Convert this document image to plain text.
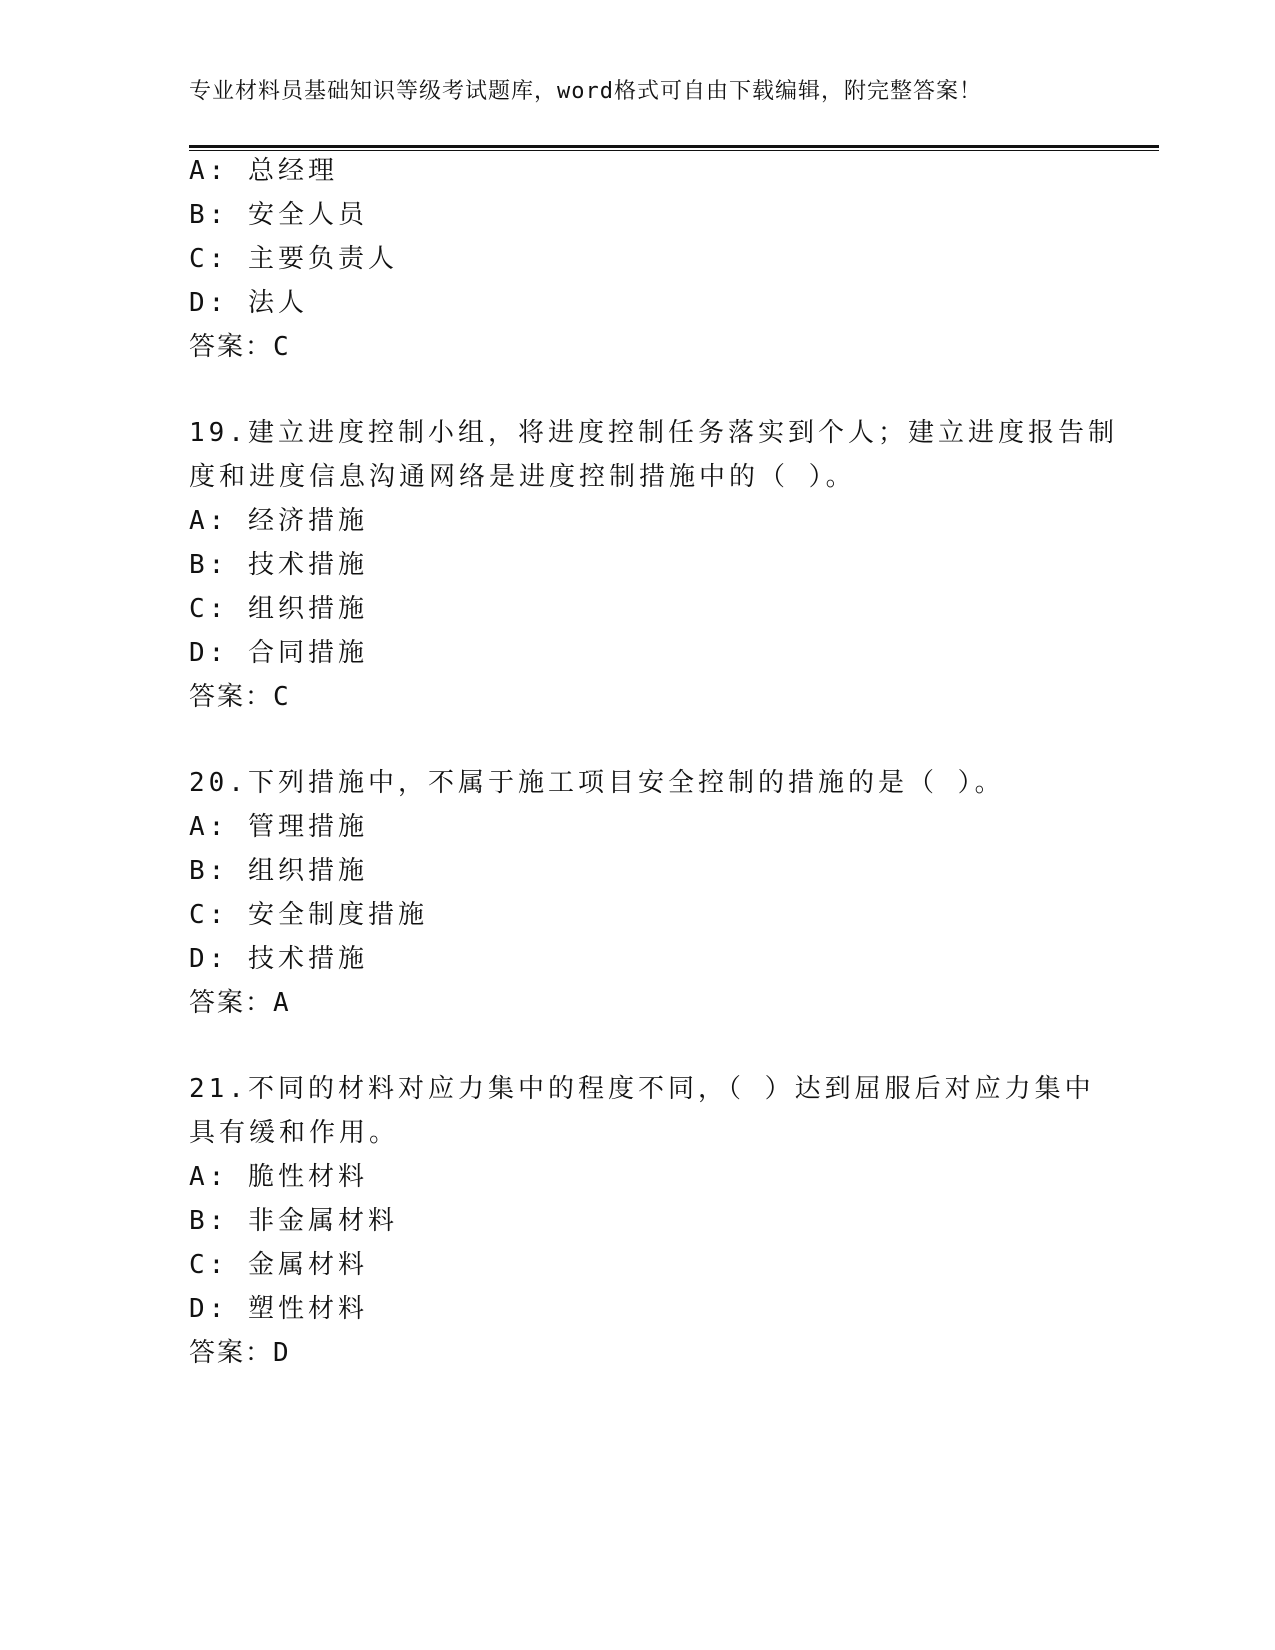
专业材料员基础知识等级考试题库，word格式可自由下载编辑，附完整答案！
A: 总经理
B: 安全人员
C: 主要负责人
D: 法人
答案：C
19.建立进度控制小组，将进度控制任务落实到个人；建立进度报告制
度和进度信息沟通网络是进度控制措施中的（ ）。
A: 经济措施
B: 技术措施
C: 组织措施
D: 合同措施
答案：C
20.下列措施中，不属于施工项目安全控制的措施的是（ ）。
A: 管理措施
B: 组织措施
C: 安全制度措施
D: 技术措施
答案：A
21.不同的材料对应力集中的程度不同，（ ）达到屈服后对应力集中
具有缓和作用。
A: 脆性材料
B: 非金属材料
C: 金属材料
D: 塑性材料
答案：D
